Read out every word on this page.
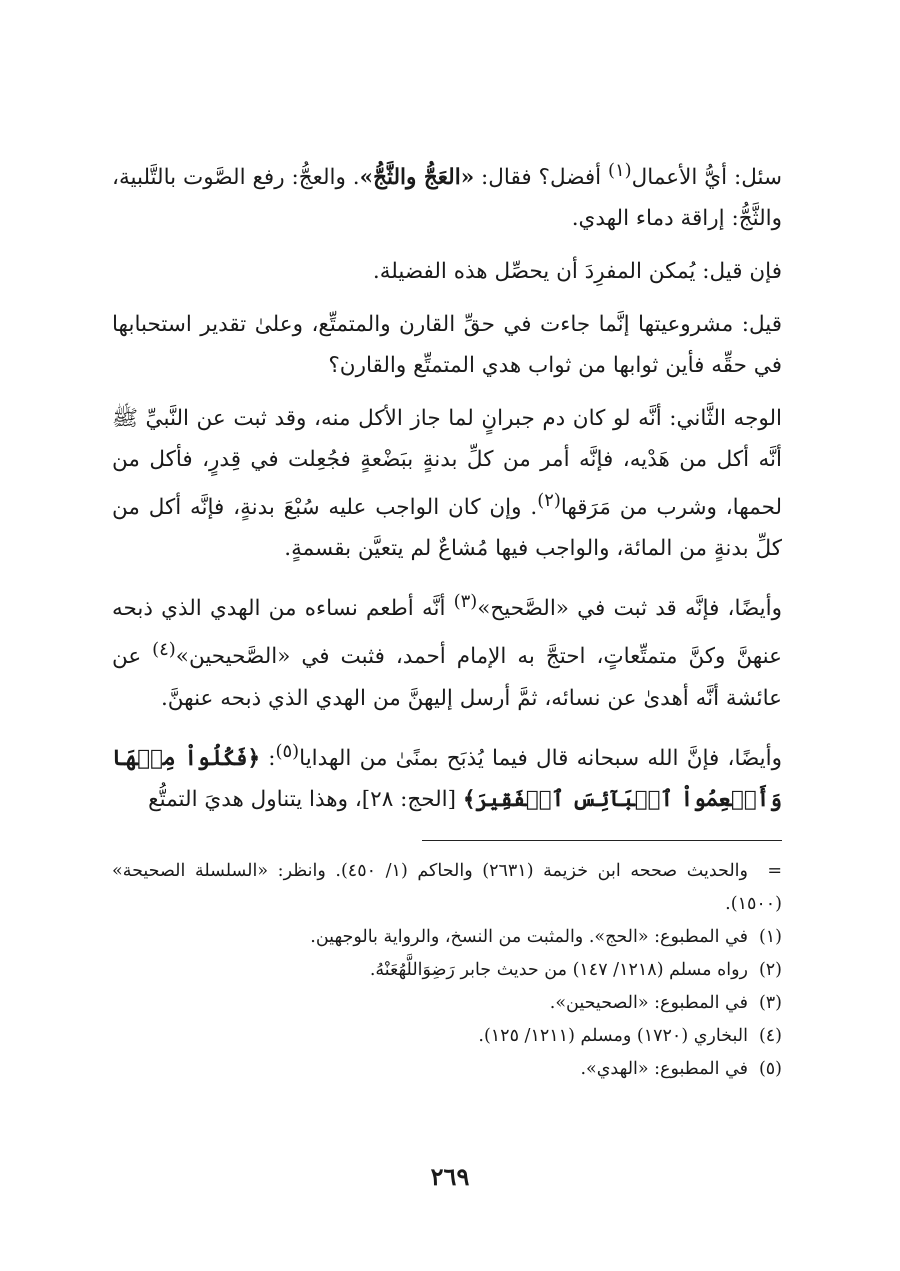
سئل: أيُّ الأعمال$^{(١)}$ أفضل؟ فقال: «العَجُّ والثَّجُّ». والعجُّ: رفع الصَّوت بالتَّلبية، والثَّجُّ: إراقة دماء الهدي.

فإن قيل: يُمكن المفرِدَ أن يحصِّل هذه الفضيلة.

قيل: مشروعيتها إنَّما جاءت في حقِّ القارن والمتمتِّع، وعلىٰ تقدير استحبابها في حقِّه فأين ثوابها من ثواب هدي المتمتِّع والقارن؟

الوجه الثَّاني: أنَّه لو كان دم جبرانٍ لما جاز الأكل منه، وقد ثبت عن النَّبيِّ ﷺ أنَّه أكل من هَدْيه، فإنَّه أمر من كلِّ بدنةٍ ببَضْعةٍ فجُعِلت في قِدرٍ، فأكل من لحمها، وشرب من مَرَقها$^{(٢)}$. وإن كان الواجب عليه سُبْعَ بدنةٍ، فإنَّه أكل من كلِّ بدنةٍ من المائة، والواجب فيها مُشاعٌ لم يتعيَّن بقسمةٍ.

وأيضًا، فإنَّه قد ثبت في «الصَّحيح»$^{(٣)}$ أنَّه أطعم نساءه من الهدي الذي ذبحه عنهنَّ وكنَّ متمتِّعاتٍ، احتجَّ به الإمام أحمد، فثبت في «الصَّحيحين»$^{(٤)}$ عن عائشة أنَّه أهدىٰ عن نسائه، ثمَّ أرسل إليهنَّ من الهدي الذي ذبحه عنهنَّ.

وأيضًا، فإنَّ الله سبحانه قال فيما يُذبَح بمنًىٰ من الهدايا$^{(٥)}$: ﴿فَكُلُواْ مِنۡهَا وَأَطۡعِمُواْ ٱلۡبَآئِسَ ٱلۡفَقِيرَ﴾ [الحج: ٢٨]، وهذا يتناول هديَ التمتُّع

=والحديث صححه ابن خزيمة (٢٦٣١) والحاكم (١/ ٤٥٠). وانظر: «السلسلة الصحيحة» (١٥٠٠).

(١)في المطبوع: «الحج». والمثبت من النسخ، والرواية بالوجهين.

(٢)رواه مسلم (١٢١٨/ ١٤٧) من حديث جابر رَضِوَاللَّهُعَنْهُ.

(٣)في المطبوع: «الصحيحين».

(٤)البخاري (١٧٢٠) ومسلم (١٢١١/ ١٢٥).

(٥)في المطبوع: «الهدي».

٢٦٩
